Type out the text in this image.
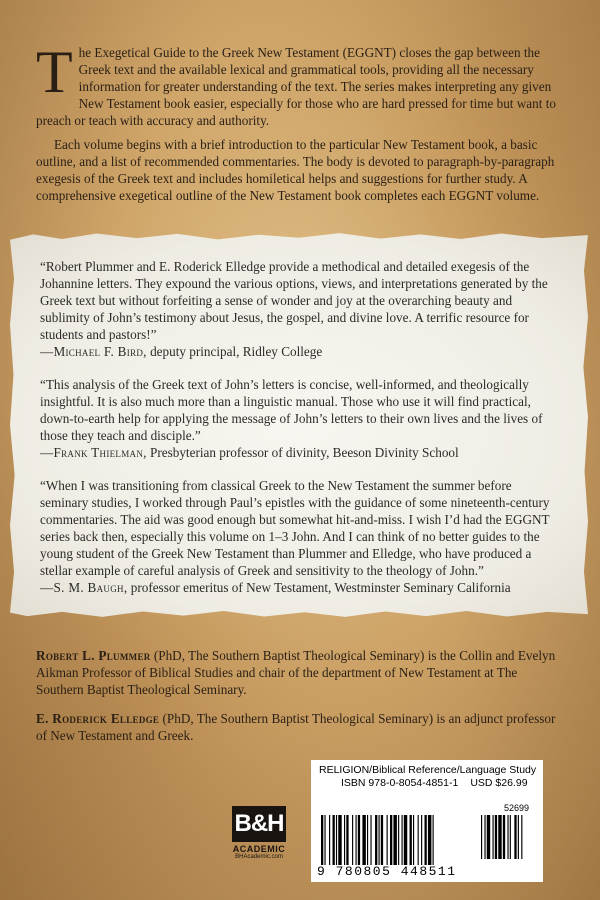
The Exegetical Guide to the Greek New Testament (EGGNT) closes the gap between the Greek text and the available lexical and grammatical tools, providing all the necessary information for greater understanding of the text. The series makes interpreting any given New Testament book easier, especially for those who are hard pressed for time but want to preach or teach with accuracy and authority.

Each volume begins with a brief introduction to the particular New Testament book, a basic outline, and a list of recommended commentaries. The body is devoted to paragraph-by-paragraph exegesis of the Greek text and includes homiletical helps and suggestions for further study. A comprehensive exegetical outline of the New Testament book completes each EGGNT volume.

“Robert Plummer and E. Roderick Elledge provide a methodical and detailed exegesis of the Johannine letters. They expound the various options, views, and interpretations generated by the Greek text but without forfeiting a sense of wonder and joy at the overarching beauty and sublimity of John’s testimony about Jesus, the gospel, and divine love. A terrific resource for students and pastors!”

—Michael F. Bird, deputy principal, Ridley College

“This analysis of the Greek text of John’s letters is concise, well-informed, and theologically insightful. It is also much more than a linguistic manual. Those who use it will find practical, down-to-earth help for applying the message of John’s letters to their own lives and the lives of those they teach and disciple.”

—Frank Thielman, Presbyterian professor of divinity, Beeson Divinity School

“When I was transitioning from classical Greek to the New Testament the summer before seminary studies, I worked through Paul’s epistles with the guidance of some nineteenth-century commentaries. The aid was good enough but somewhat hit-and-miss. I wish I’d had the EGGNT series back then, especially this volume on 1–3 John. And I can think of no better guides to the young student of the Greek New Testament than Plummer and Elledge, who have produced a stellar example of careful analysis of Greek and sensitivity to the theology of John.”

—S. M. Baugh, professor emeritus of New Testament, Westminster Seminary California

Robert L. Plummer (PhD, The Southern Baptist Theological Seminary) is the Collin and Evelyn Aikman Professor of Biblical Studies and chair of the department of New Testament at The Southern Baptist Theological Seminary.

E. Roderick Elledge (PhD, The Southern Baptist Theological Seminary) is an adjunct professor of New Testament and Greek.

B&H
ACADEMIC
BHAcademic.com
RELIGION/Biblical Reference/Language Study
ISBN 978-0-8054-4851-1 USD $26.99
52699
9 780805 448511
